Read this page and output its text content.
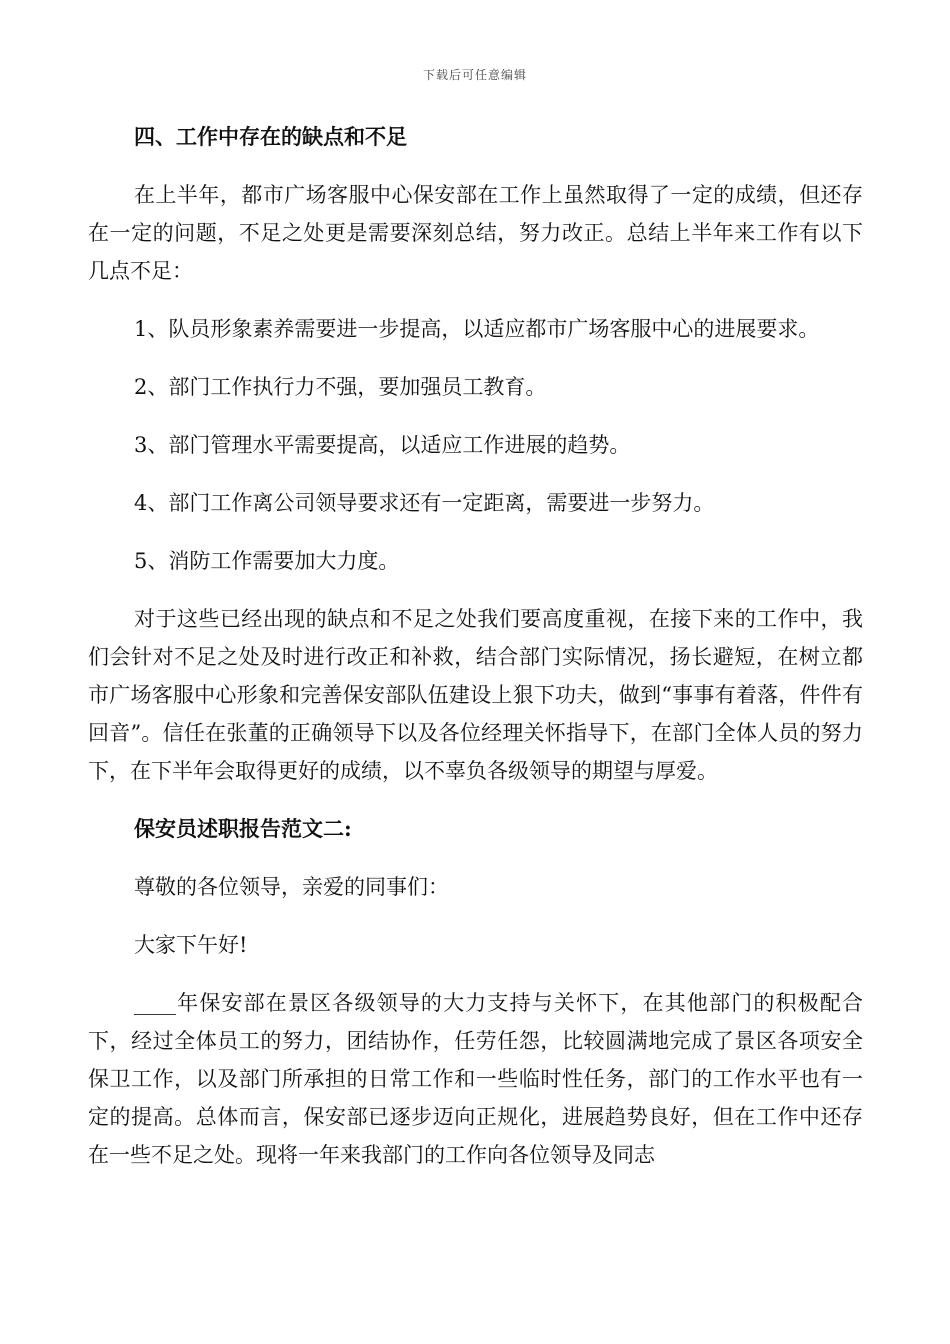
下载后可任意编辑
四、工作中存在的缺点和不足
在上半年，都市广场客服中心保安部在工作上虽然取得了一定的成绩，但还存在一定的问题，不足之处更是需要深刻总结，努力改正。总结上半年来工作有以下几点不足：
1、队员形象素养需要进一步提高，以适应都市广场客服中心的进展要求。
2、部门工作执行力不强，要加强员工教育。
3、部门管理水平需要提高，以适应工作进展的趋势。
4、部门工作离公司领导要求还有一定距离，需要进一步努力。
5、消防工作需要加大力度。
对于这些已经出现的缺点和不足之处我们要高度重视，在接下来的工作中，我们会针对不足之处及时进行改正和补救，结合部门实际情况，扬长避短，在树立都市广场客服中心形象和完善保安部队伍建设上狠下功夫，做到“事事有着落，件件有回音”。信任在张董的正确领导下以及各位经理关怀指导下，在部门全体人员的努力下，在下半年会取得更好的成绩，以不辜负各级领导的期望与厚爱。
保安员述职报告范文二:
尊敬的各位领导，亲爱的同事们：
大家下午好!
____年保安部在景区各级领导的大力支持与关怀下，在其他部门的积极配合下，经过全体员工的努力，团结协作，任劳任怨，比较圆满地完成了景区各项安全保卫工作，以及部门所承担的日常工作和一些临时性任务，部门的工作水平也有一定的提高。总体而言，保安部已逐步迈向正规化，进展趋势良好，但在工作中还存在一些不足之处。现将一年来我部门的工作向各位领导及同志
